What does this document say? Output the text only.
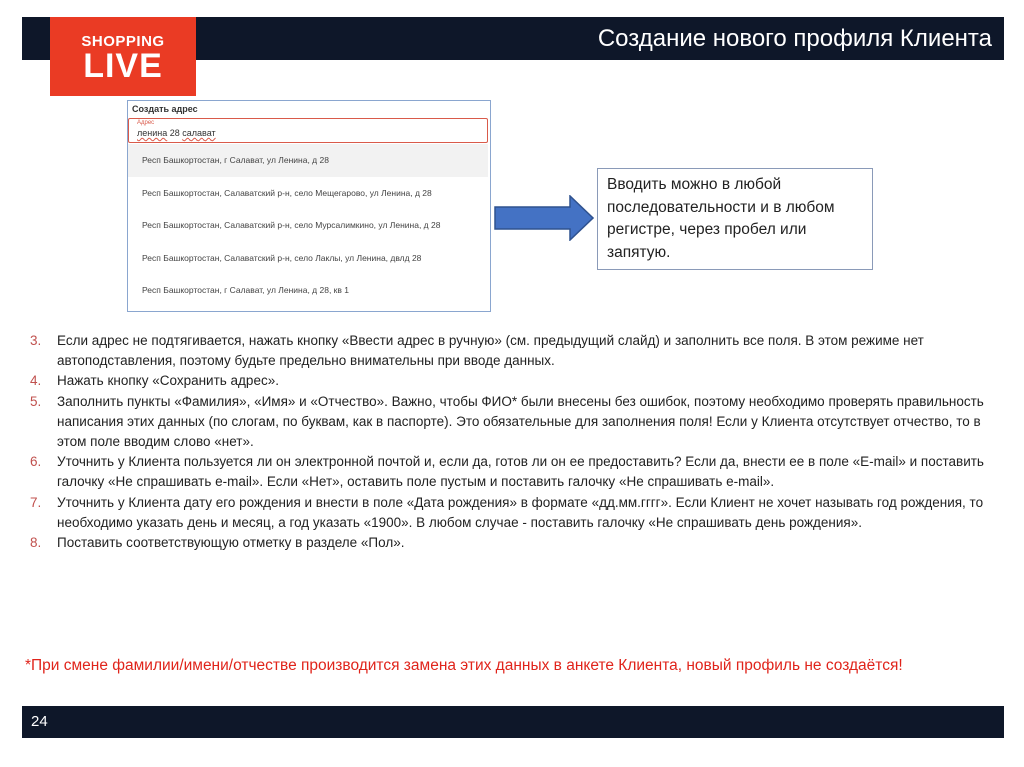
Создание нового профиля Клиента
SHOPPING
LIVE
Создать адрес
Адрес
ленина 28 салават
Респ Башкортостан, г Салават, ул Ленина, д 28
Респ Башкортостан, Салаватский р-н, село Мещегарово, ул Ленина, д 28
Респ Башкортостан, Салаватский р-н, село Мурсалимкино, ул Ленина, д 28
Респ Башкортостан, Салаватский р-н, село Лаклы, ул Ленина, двлд 28
Респ Башкортостан, г Салават, ул Ленина, д 28, кв 1
Вводить можно в любой последовательности и в любом регистре, через пробел или запятую.
3. Если адрес не подтягивается, нажать кнопку «Ввести адрес в ручную» (см. предыдущий слайд) и заполнить все поля. В этом режиме нет автоподставления, поэтому будьте предельно внимательны при вводе данных.
4. Нажать кнопку «Сохранить адрес».
5. Заполнить пункты «Фамилия», «Имя» и «Отчество». Важно, чтобы ФИО* были внесены без ошибок, поэтому необходимо проверять правильность написания этих данных (по слогам, по буквам, как в паспорте). Это обязательные для заполнения поля! Если у Клиента отсутствует отчество, то в этом поле вводим слово «нет».
6. Уточнить у Клиента пользуется ли он электронной почтой и, если да, готов ли он ее предоставить? Если да, внести ее в поле «E-mail» и поставить галочку «Не спрашивать e-mail». Если «Нет», оставить поле пустым и поставить галочку «Не спрашивать e-mail».
7. Уточнить у Клиента дату его рождения и внести в поле «Дата рождения» в формате «дд.мм.гггг». Если Клиент не хочет называть год рождения, то необходимо указать день и месяц, а год указать «1900». В любом случае - поставить галочку «Не спрашивать день рождения».
8. Поставить соответствующую отметку в разделе «Пол».
*При смене фамилии/имени/отчестве производится замена этих данных в анкете Клиента, новый профиль не создаётся!
24
